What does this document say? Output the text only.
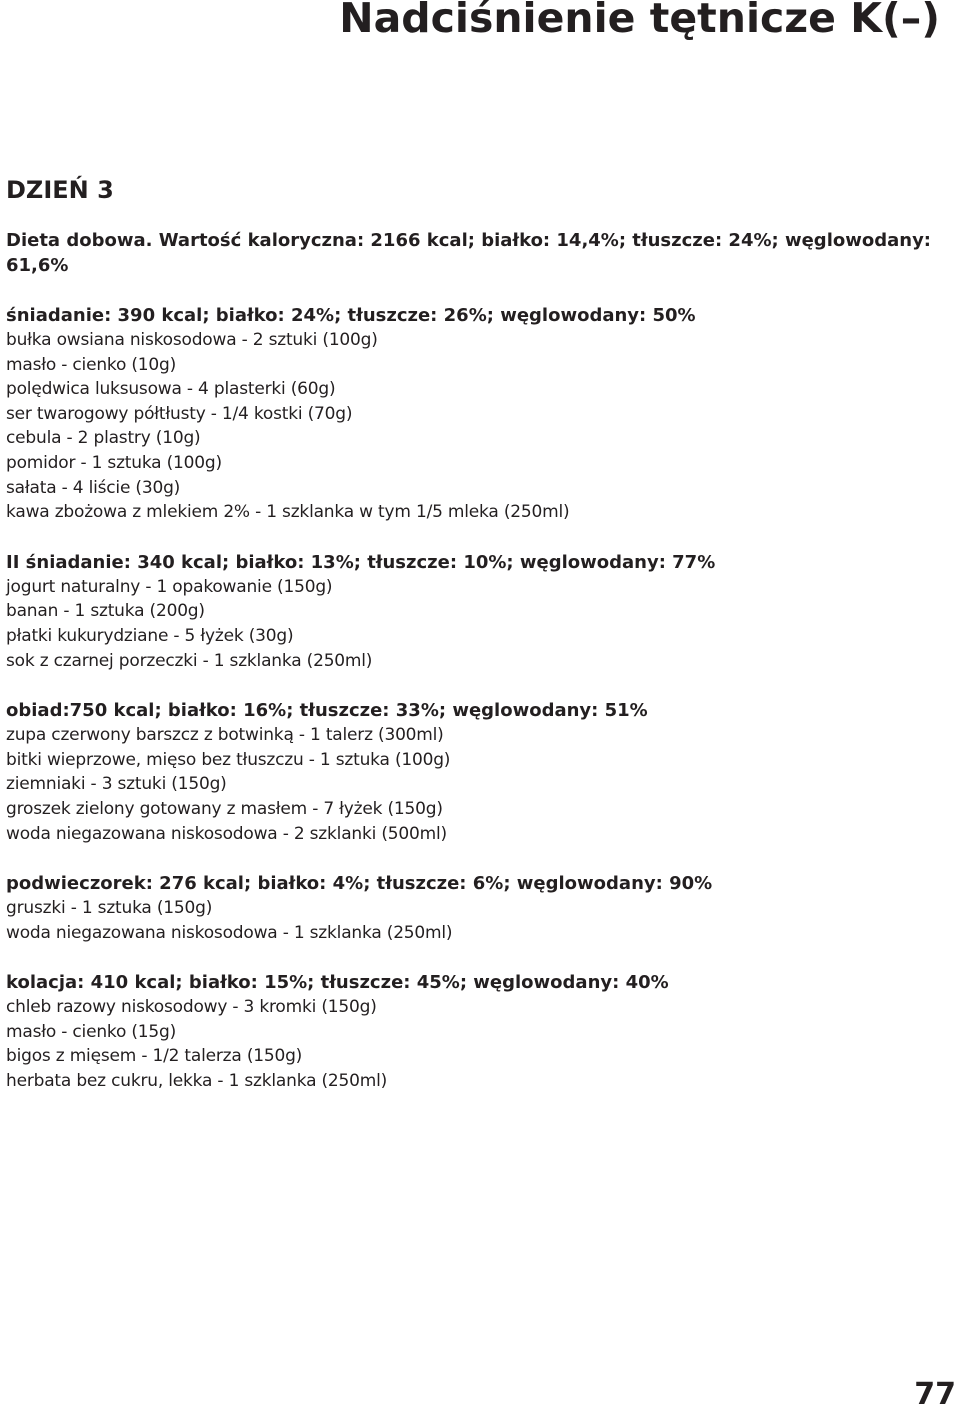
Nadciśnienie tętnicze K(–)
DZIEŃ 3

Dieta dobowa. Wartość kaloryczna: 2166 kcal; białko: 14,4%; tłuszcze: 24%; węglowodany: 61,6%

śniadanie: 390 kcal; białko: 24%; tłuszcze: 26%; węglowodany: 50%

bułka owsiana niskosodowa - 2 sztuki (100g)
masło - cienko (10g)
polędwica luksusowa - 4 plasterki (60g)
ser twarogowy półtłusty - 1/4 kostki (70g)
cebula - 2 plastry (10g)
pomidor - 1 sztuka (100g)
sałata - 4 liście (30g)
kawa zbożowa z mlekiem 2% - 1 szklanka w tym 1/5 mleka (250ml)

II śniadanie: 340 kcal; białko: 13%; tłuszcze: 10%; węglowodany: 77%

jogurt naturalny - 1 opakowanie (150g)
banan - 1 sztuka (200g)
płatki kukurydziane - 5 łyżek (30g)
sok z czarnej porzeczki - 1 szklanka (250ml)

obiad:750 kcal; białko: 16%; tłuszcze: 33%; węglowodany: 51%

zupa czerwony barszcz z botwinką - 1 talerz (300ml)
bitki wieprzowe, mięso bez tłuszczu - 1 sztuka (100g)
ziemniaki - 3 sztuki (150g)
groszek zielony gotowany z masłem - 7 łyżek (150g)
woda niegazowana niskosodowa - 2 szklanki (500ml)

podwieczorek: 276 kcal; białko: 4%; tłuszcze: 6%; węglowodany: 90%

gruszki - 1 sztuka (150g)
woda niegazowana niskosodowa - 1 szklanka (250ml)

kolacja: 410 kcal; białko: 15%; tłuszcze: 45%; węglowodany: 40%

chleb razowy niskosodowy - 3 kromki (150g)
masło - cienko (15g)
bigos z mięsem - 1/2 talerza (150g)
herbata bez cukru, lekka - 1 szklanka (250ml)
77
